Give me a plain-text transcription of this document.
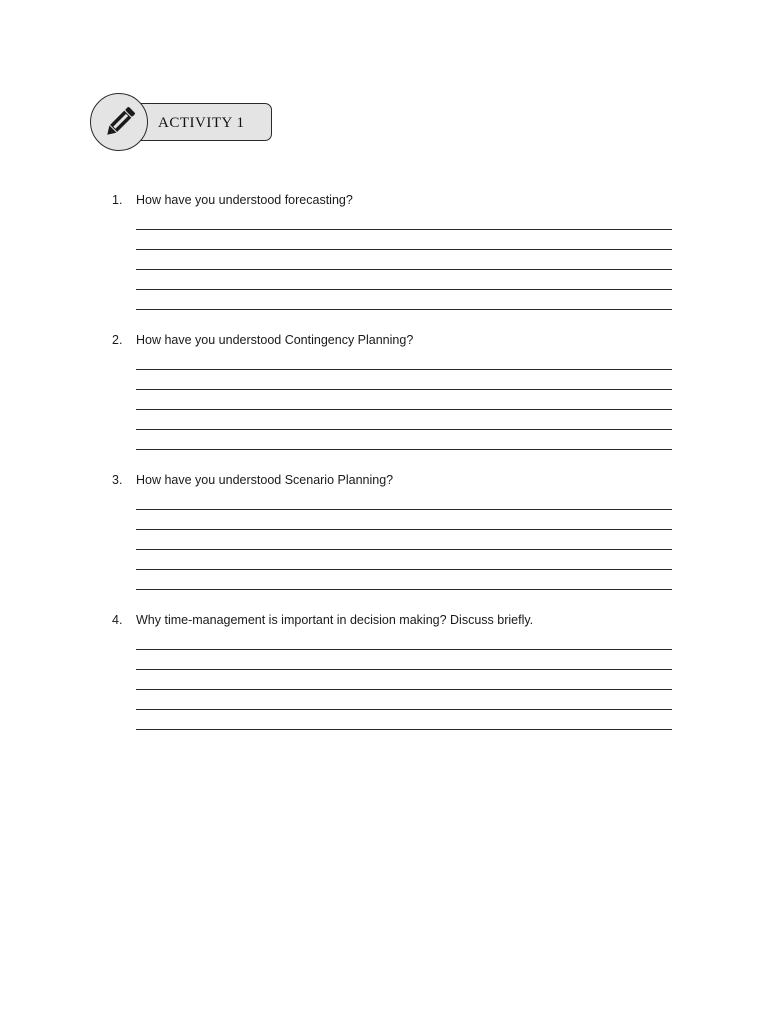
ACTIVITY 1
1.	How have you understood forecasting?
2.	How have you understood Contingency Planning?
3.	How have you understood Scenario Planning?
4.	Why time-management is important in decision making? Discuss briefly.
